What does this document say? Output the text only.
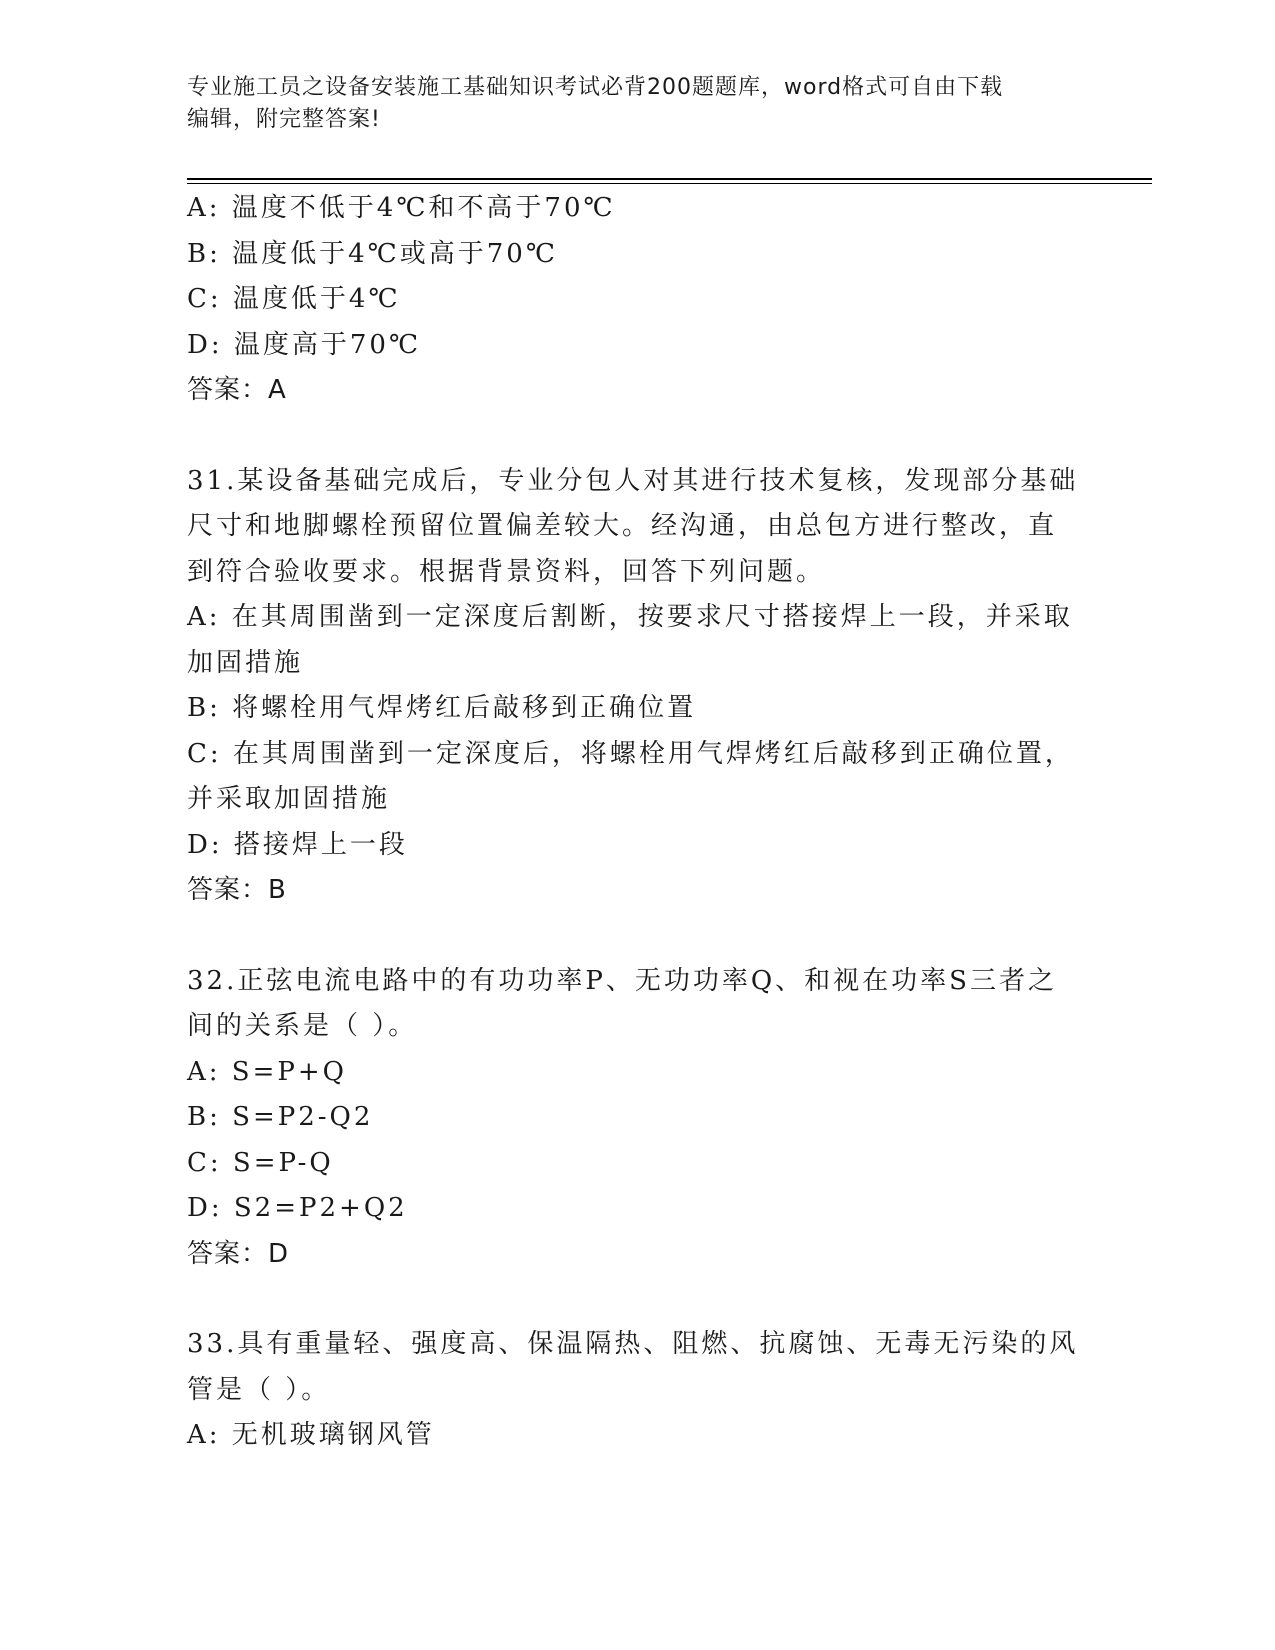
专业施工员之设备安装施工基础知识考试必背200题题库，word格式可自由下载
编辑，附完整答案!
A: 温度不低于4℃和不高于70℃
B: 温度低于4℃或高于70℃
C: 温度低于4℃
D: 温度高于70℃
答案：A
31.某设备基础完成后，专业分包人对其进行技术复核，发现部分基础
尺寸和地脚螺栓预留位置偏差较大。经沟通，由总包方进行整改，直
到符合验收要求。根据背景资料，回答下列问题。
A: 在其周围凿到一定深度后割断，按要求尺寸搭接焊上一段，并采取
加固措施
B: 将螺栓用气焊烤红后敲移到正确位置
C: 在其周围凿到一定深度后，将螺栓用气焊烤红后敲移到正确位置，
并采取加固措施
D: 搭接焊上一段
答案：B
32.正弦电流电路中的有功功率P、无功功率Q、和视在功率S三者之
间的关系是（ ）。
A: S=P+Q
B: S=P2-Q2
C: S=P-Q
D: S2=P2+Q2
答案：D
33.具有重量轻、强度高、保温隔热、阻燃、抗腐蚀、无毒无污染的风
管是（ ）。
A: 无机玻璃钢风管
